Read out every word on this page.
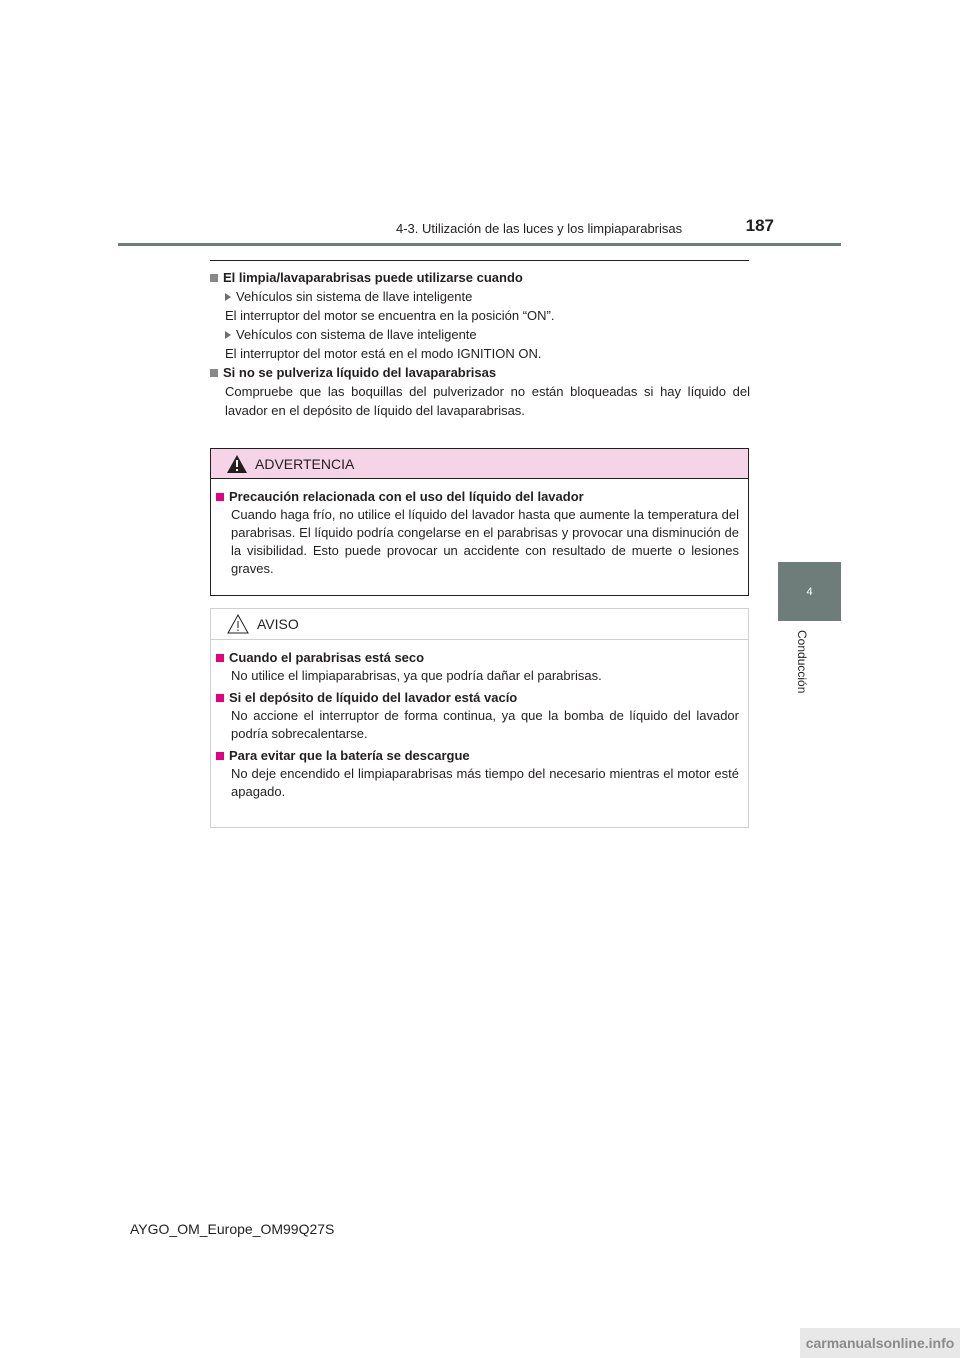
4-3. Utilización de las luces y los limpiaparabrisas	187
4
Conducción

El limpia/lavaparabrisas puede utilizarse cuando

Vehículos sin sistema de llave inteligente

El interruptor del motor se encuentra en la posición “ON”.

Vehículos con sistema de llave inteligente

El interruptor del motor está en el modo IGNITION ON.

Si no se pulveriza líquido del lavaparabrisas

Compruebe que las boquillas del pulverizador no están bloqueadas si hay líquido del lavador en el depósito de líquido del lavaparabrisas.

ADVERTENCIA

Precaución relacionada con el uso del líquido del lavador

Cuando haga frío, no utilice el líquido del lavador hasta que aumente la temperatura del parabrisas. El líquido podría congelarse en el parabrisas y provocar una disminución de la visibilidad. Esto puede provocar un accidente con resultado de muerte o lesiones graves.

AVISO

Cuando el parabrisas está seco

No utilice el limpiaparabrisas, ya que podría dañar el parabrisas.

Si el depósito de líquido del lavador está vacío

No accione el interruptor de forma continua, ya que la bomba de líquido del lavador podría sobrecalentarse.

Para evitar que la batería se descargue

No deje encendido el limpiaparabrisas más tiempo del necesario mientras el motor esté apagado.

AYGO_OM_Europe_OM99Q27S
carmanualsonline.info
